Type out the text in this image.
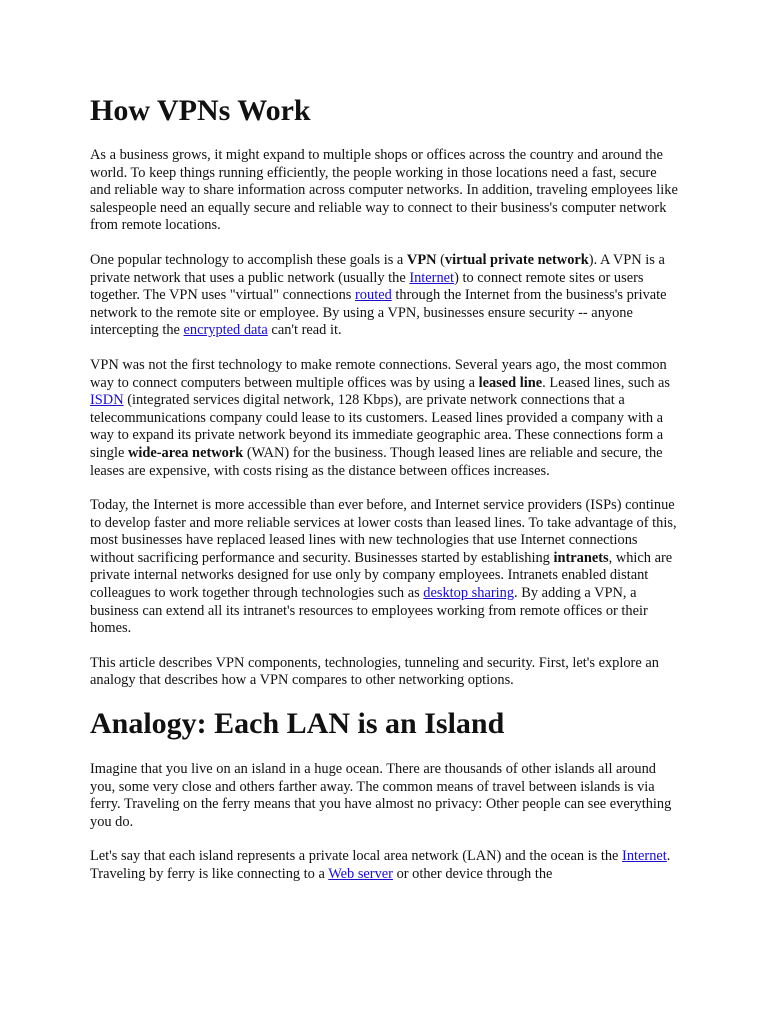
How VPNs Work

As a business grows, it might expand to multiple shops or offices across the country and around the world. To keep things running efficiently, the people working in those locations need a fast, secure and reliable way to share information across computer networks. In addition, traveling employees like salespeople need an equally secure and reliable way to connect to their business's computer network from remote locations.

One popular technology to accomplish these goals is a VPN (virtual private network). A VPN is a private network that uses a public network (usually the Internet) to connect remote sites or users together. The VPN uses "virtual" connections routed through the Internet from the business's private network to the remote site or employee. By using a VPN, businesses ensure security -- anyone intercepting the encrypted data can't read it.

VPN was not the first technology to make remote connections. Several years ago, the most common way to connect computers between multiple offices was by using a leased line. Leased lines, such as ISDN (integrated services digital network, 128 Kbps), are private network connections that a telecommunications company could lease to its customers. Leased lines provided a company with a way to expand its private network beyond its immediate geographic area. These connections form a single wide-area network (WAN) for the business. Though leased lines are reliable and secure, the leases are expensive, with costs rising as the distance between offices increases.

Today, the Internet is more accessible than ever before, and Internet service providers (ISPs) continue to develop faster and more reliable services at lower costs than leased lines. To take advantage of this, most businesses have replaced leased lines with new technologies that use Internet connections without sacrificing performance and security. Businesses started by establishing intranets, which are private internal networks designed for use only by company employees. Intranets enabled distant colleagues to work together through technologies such as desktop sharing. By adding a VPN, a business can extend all its intranet's resources to employees working from remote offices or their homes.

This article describes VPN components, technologies, tunneling and security. First, let's explore an analogy that describes how a VPN compares to other networking options.

Analogy: Each LAN is an Island

Imagine that you live on an island in a huge ocean. There are thousands of other islands all around you, some very close and others farther away. The common means of travel between islands is via ferry. Traveling on the ferry means that you have almost no privacy: Other people can see everything you do.

Let's say that each island represents a private local area network (LAN) and the ocean is the Internet. Traveling by ferry is like connecting to a Web server or other device through the
